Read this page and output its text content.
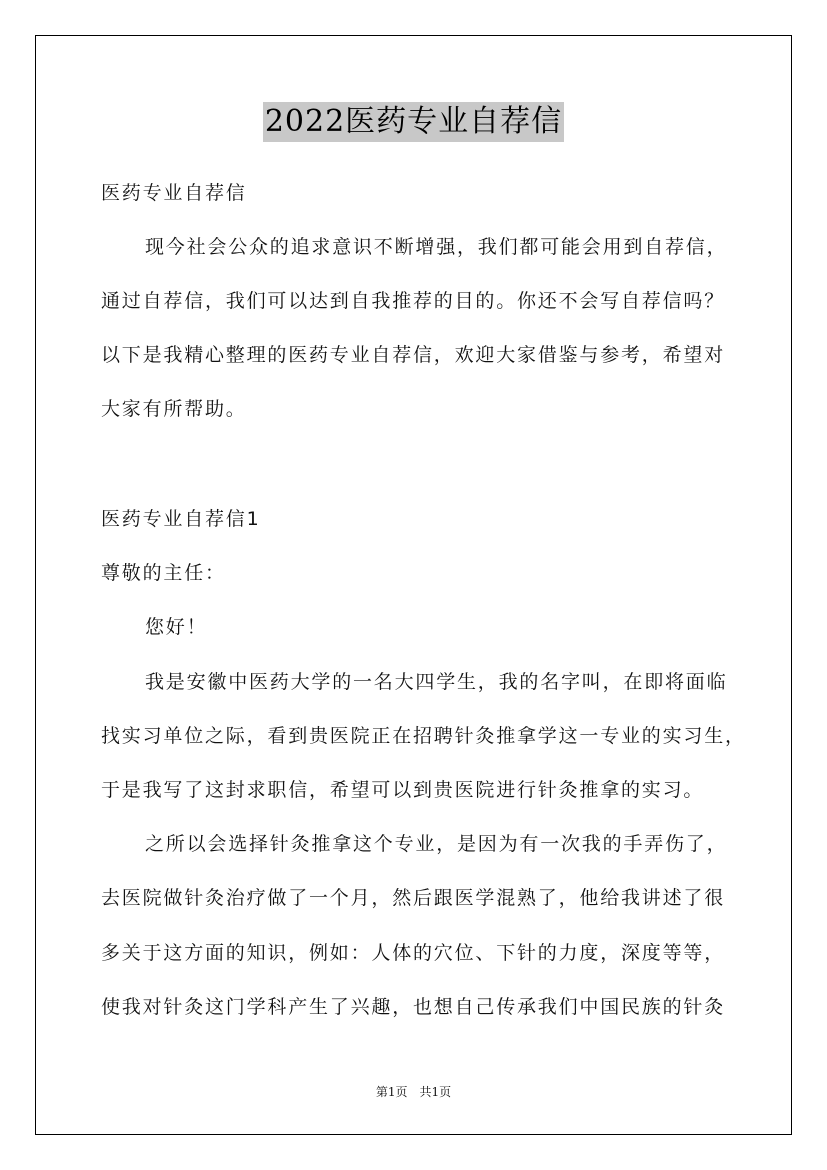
2022医药专业自荐信
医药专业自荐信
现今社会公众的追求意识不断增强，我们都可能会用到自荐信，
通过自荐信，我们可以达到自我推荐的目的。你还不会写自荐信吗？
以下是我精心整理的医药专业自荐信，欢迎大家借鉴与参考，希望对
大家有所帮助。
医药专业自荐信1
尊敬的主任：
您好！
我是安徽中医药大学的一名大四学生，我的名字叫，在即将面临
找实习单位之际，看到贵医院正在招聘针灸推拿学这一专业的实习生，
于是我写了这封求职信，希望可以到贵医院进行针灸推拿的实习。
之所以会选择针灸推拿这个专业，是因为有一次我的手弄伤了，
去医院做针灸治疗做了一个月，然后跟医学混熟了，他给我讲述了很
多关于这方面的知识，例如：人体的穴位、下针的力度，深度等等，
使我对针灸这门学科产生了兴趣，也想自己传承我们中国民族的针灸
第1页 共1页
